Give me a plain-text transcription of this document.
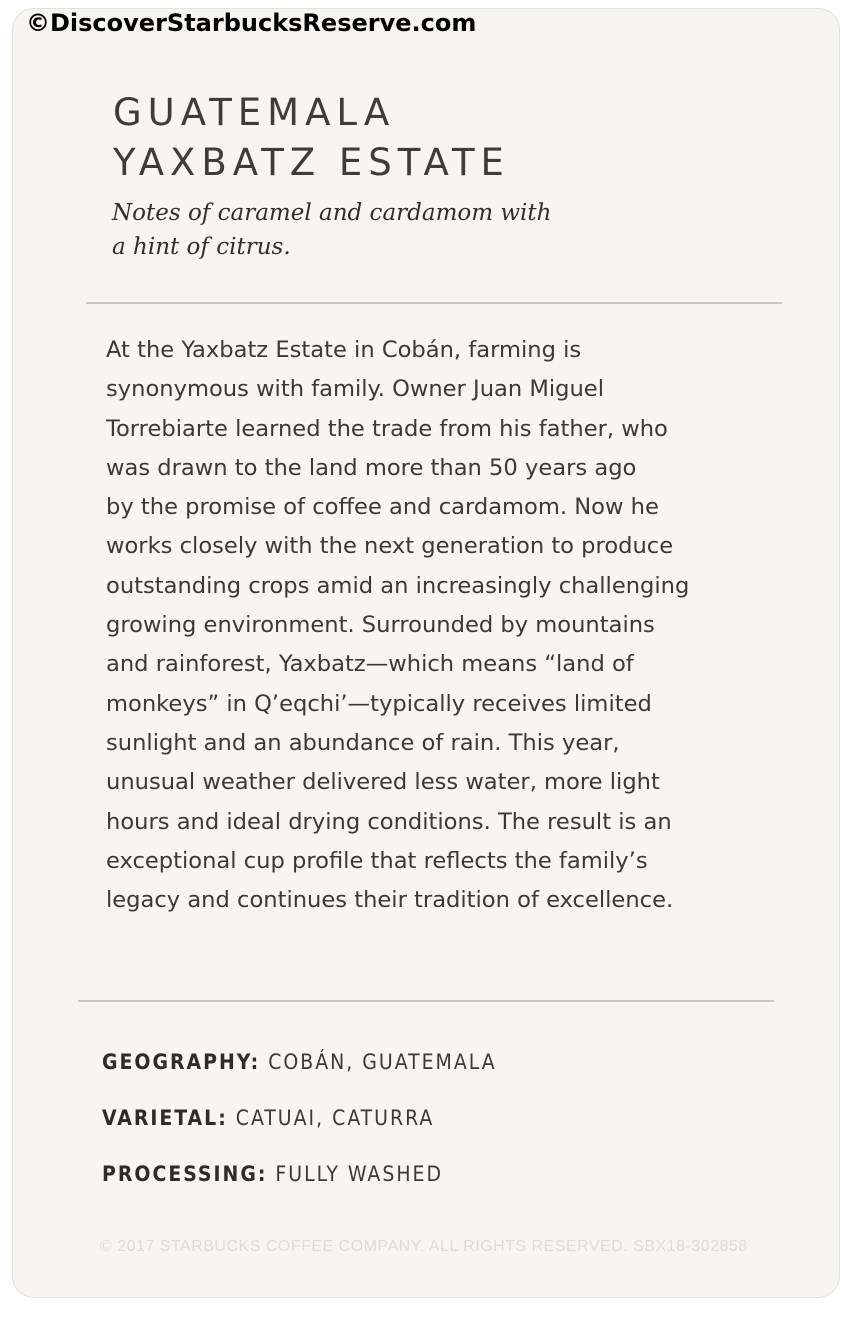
©DiscoverStarbucksReserve.com
GUATEMALA
YAXBATZ ESTATE
Notes of caramel and cardamom with
a hint of citrus.
At the Yaxbatz Estate in Cobán, farming is
synonymous with family. Owner Juan Miguel
Torrebiarte learned the trade from his father, who
was drawn to the land more than 50 years ago
by the promise of coffee and cardamom. Now he
works closely with the next generation to produce
outstanding crops amid an increasingly challenging
growing environment. Surrounded by mountains
and rainforest, Yaxbatz—which means “land of
monkeys” in Q’eqchi’—typically receives limited
sunlight and an abundance of rain. This year,
unusual weather delivered less water, more light
hours and ideal drying conditions. The result is an
exceptional cup profile that reflects the family’s
legacy and continues their tradition of excellence.
GEOGRAPHY: COBÁN, GUATEMALA
VARIETAL: CATUAI, CATURRA
PROCESSING: FULLY WASHED
© 2017 STARBUCKS COFFEE COMPANY. ALL RIGHTS RESERVED. SBX18-302858
